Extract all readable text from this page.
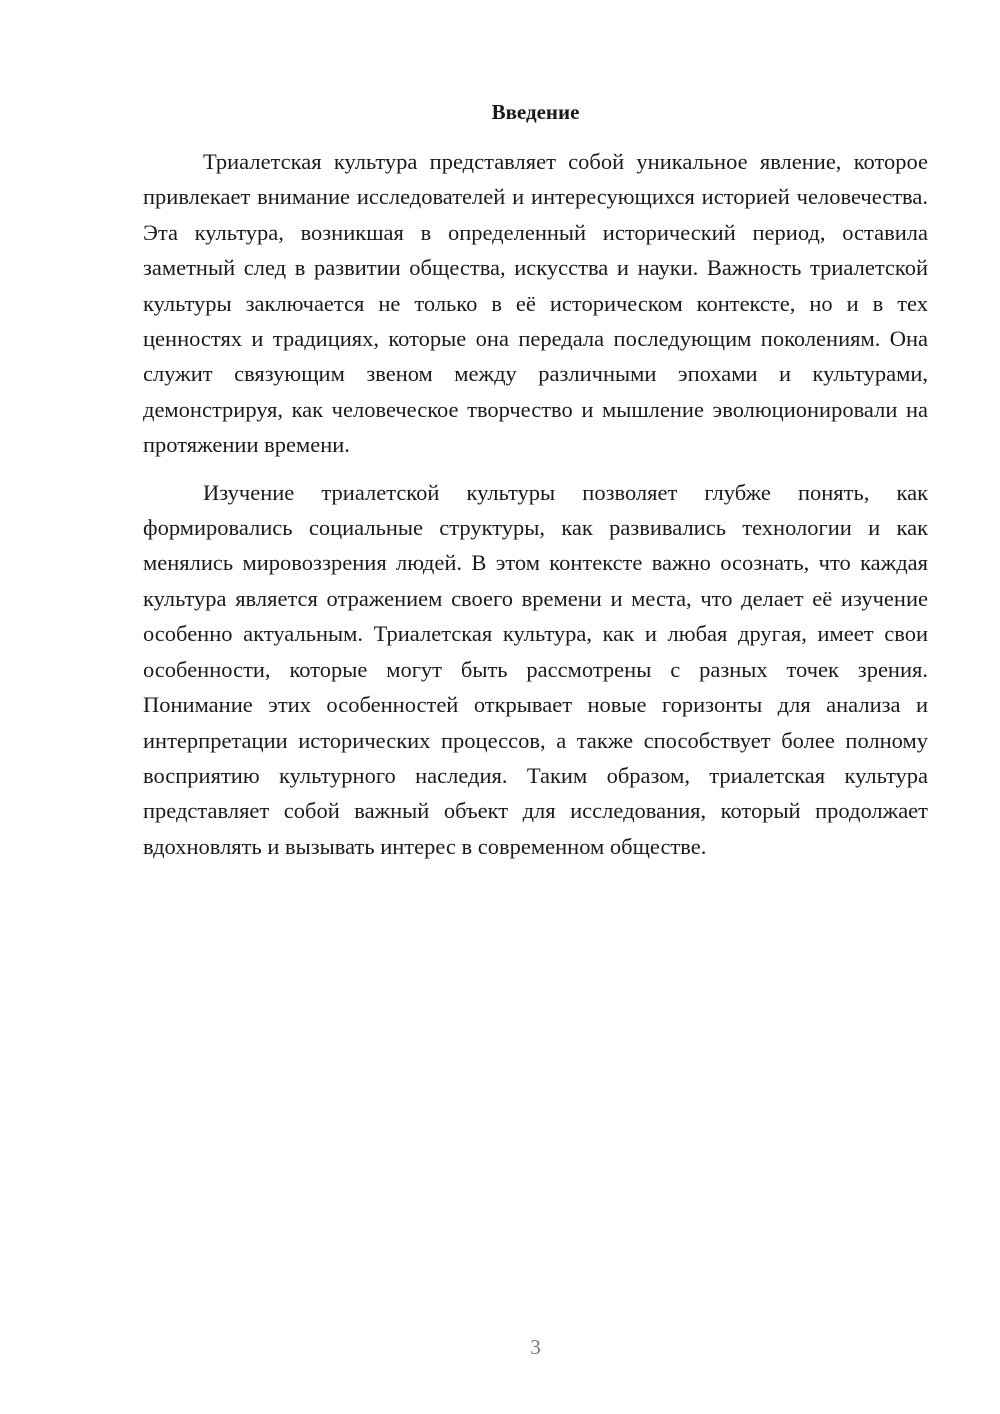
Введение

Триалетская культура представляет собой уникальное явление, которое привлекает внимание исследователей и интересующихся историей человечества. Эта культура, возникшая в определенный исторический период, оставила заметный след в развитии общества, искусства и науки. Важность триалетской культуры заключается не только в её историческом контексте, но и в тех ценностях и традициях, которые она передала последующим поколениям. Она служит связующим звеном между различными эпохами и культурами, демонстрируя, как человеческое творчество и мышление эволюционировали на протяжении времени.

Изучение триалетской культуры позволяет глубже понять, как формировались социальные структуры, как развивались технологии и как менялись мировоззрения людей. В этом контексте важно осознать, что каждая культура является отражением своего времени и места, что делает её изучение особенно актуальным. Триалетская культура, как и любая другая, имеет свои особенности, которые могут быть рассмотрены с разных точек зрения. Понимание этих особенностей открывает новые горизонты для анализа и интерпретации исторических процессов, а также способствует более полному восприятию культурного наследия. Таким образом, триалетская культура представляет собой важный объект для исследования, который продолжает вдохновлять и вызывать интерес в современном обществе.

3
